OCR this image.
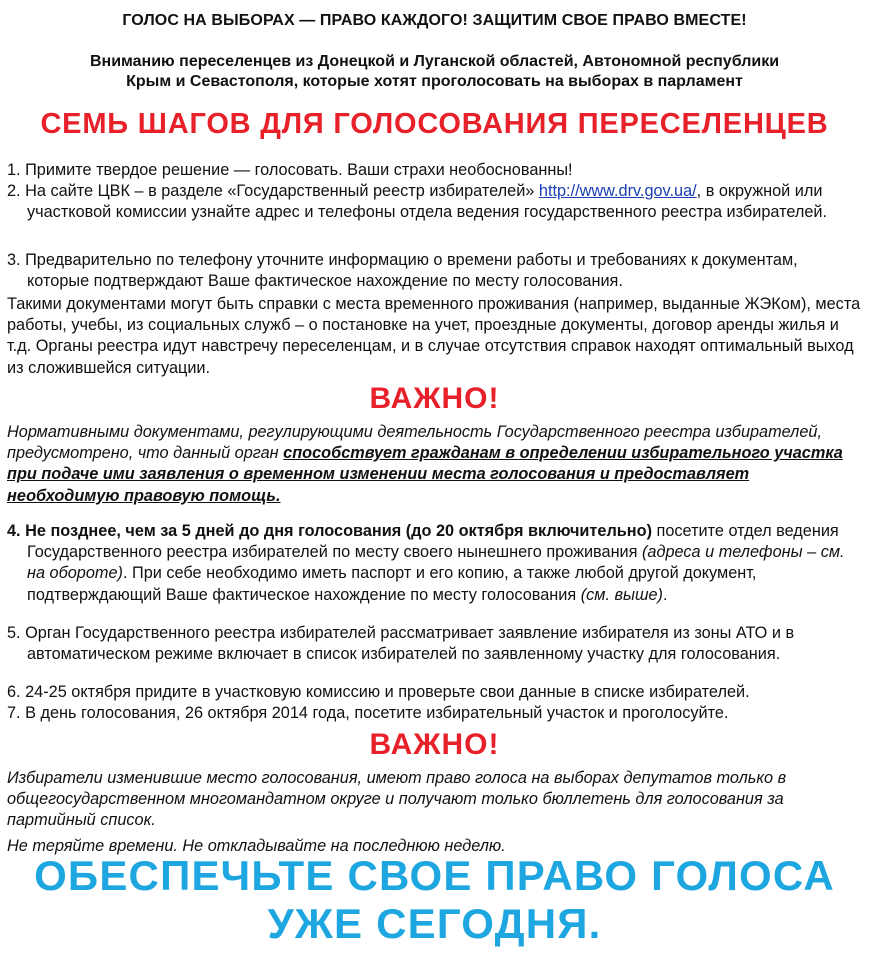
ГОЛОС НА ВЫБОРАХ — ПРАВО КАЖДОГО! ЗАЩИТИМ СВОЕ ПРАВО ВМЕСТЕ!
Вниманию переселенцев из Донецкой и Луганской областей, Автономной республики
Крым и Севастополя, которые хотят проголосовать на выборах в парламент
СЕМЬ ШАГОВ ДЛЯ ГОЛОСОВАНИЯ ПЕРЕСЕЛЕНЦЕВ
1. Примите твердое решение — голосовать. Ваши страхи необоснованны!
2. На сайте ЦВК – в разделе «Государственный реестр избирателей» http://www.drv.gov.ua/, в окружной или участковой комиссии узнайте адрес и телефоны отдела ведения государственного реестра избирателей.
3. Предварительно по телефону уточните информацию о времени работы и требованиях к документам, которые подтверждают Ваше фактическое нахождение по месту голосования.
Такими документами могут быть справки с места временного проживания (например, выданные ЖЭКом), места работы, учебы, из социальных служб – о постановке на учет, проездные документы, договор аренды жилья и т.д. Органы реестра идут навстречу переселенцам, и в случае отсутствия справок находят оптимальный выход из сложившейся ситуации.
ВАЖНО!
Нормативными документами, регулирующими деятельность Государственного реестра избирателей, предусмотрено, что данный орган способствует гражданам в определении избирательного участка при подаче ими заявления о временном изменении места голосования и предоставляет необходимую правовую помощь.
4. Не позднее, чем за 5 дней до дня голосования (до 20 октября включительно) посетите отдел ведения Государственного реестра избирателей по месту своего нынешнего проживания (адреса и телефоны – см. на обороте). При себе необходимо иметь паспорт и его копию, а также любой другой документ, подтверждающий Ваше фактическое нахождение по месту голосования (см. выше).
5. Орган Государственного реестра избирателей рассматривает заявление избирателя из зоны АТО и в автоматическом режиме включает в список избирателей по заявленному участку для голосования.
6. 24-25 октября придите в участковую комиссию и проверьте свои данные в списке избирателей.
7. В день голосования, 26 октября 2014 года, посетите избирательный участок и проголосуйте.
ВАЖНО!
Избиратели изменившие место голосования, имеют право голоса на выборах депутатов только в общегосударственном многомандатном округе и получают только бюллетень для голосования за партийный список.
Не теряйте времени. Не откладывайте на последнюю неделю.
ОБЕСПЕЧЬТЕ СВОЕ ПРАВО ГОЛОСА
УЖЕ СЕГОДНЯ.
